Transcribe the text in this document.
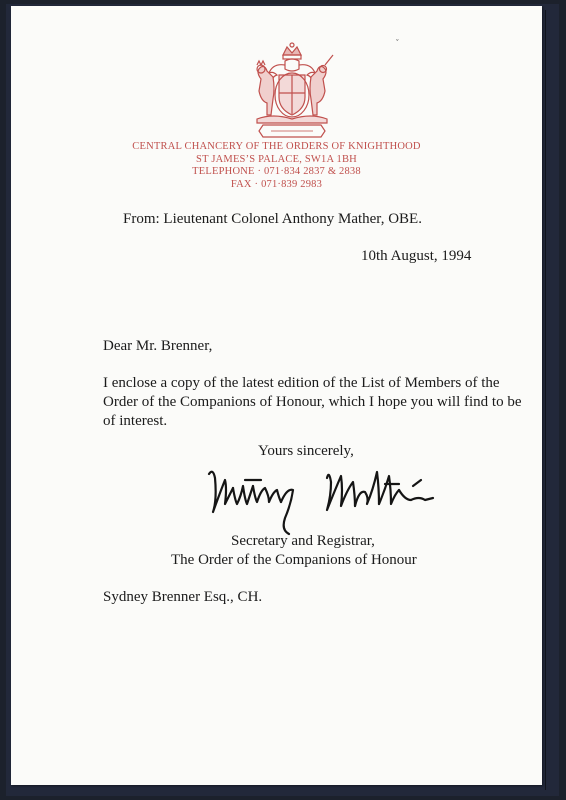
ˇ
CENTRAL CHANCERY OF THE ORDERS OF KNIGHTHOOD
ST JAMES’S PALACE, SW1A 1BH
TELEPHONE · 071·834 2837 & 2838
FAX · 071·839 2983
From: Lieutenant Colonel Anthony Mather, OBE.
10th August, 1994
Dear Mr. Brenner,
I enclose a copy of the latest edition of the List of Members of the Order of the Companions of Honour, which I hope you will find to be of interest.
Yours sincerely,
Secretary and Registrar,
The Order of the Companions of Honour
Sydney Brenner Esq., CH.
